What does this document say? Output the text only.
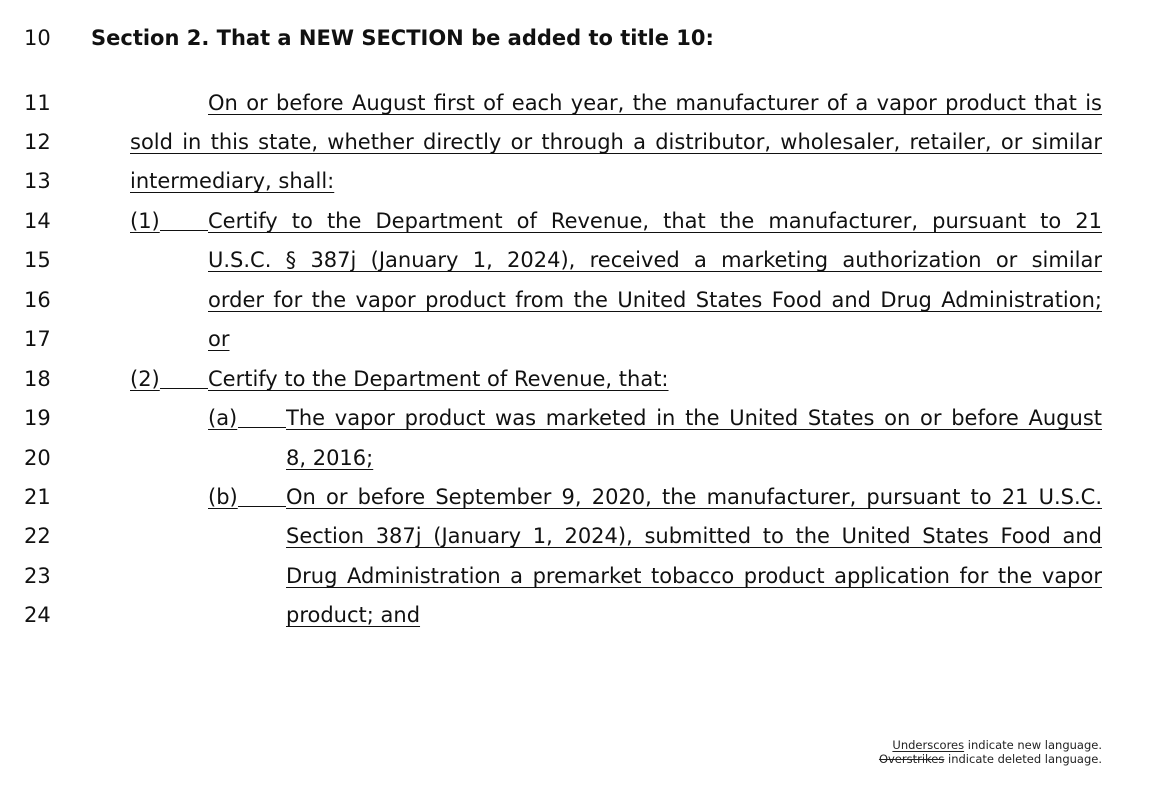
10	Section 2. That a NEW SECTION be added to title 10:
11	On or before August first of each year, the manufacturer of a vapor product that is
12	sold in this state, whether directly or through a distributor, wholesaler, retailer, or similar
13	intermediary, shall:
14	(1) Certify to the Department of Revenue, that the manufacturer, pursuant to 21
15	U.S.C. § 387j (January 1, 2024), received a marketing authorization or similar
16	order for the vapor product from the United States Food and Drug Administration;
17	or
18	(2) Certify to the Department of Revenue, that:
19	(a) The vapor product was marketed in the United States on or before August
20	8, 2016;
21	(b) On or before September 9, 2020, the manufacturer, pursuant to 21 U.S.C.
22	Section 387j (January 1, 2024), submitted to the United States Food and
23	Drug Administration a premarket tobacco product application for the vapor
24	product; and
Underscores indicate new language.
Overstrikes indicate deleted language.
